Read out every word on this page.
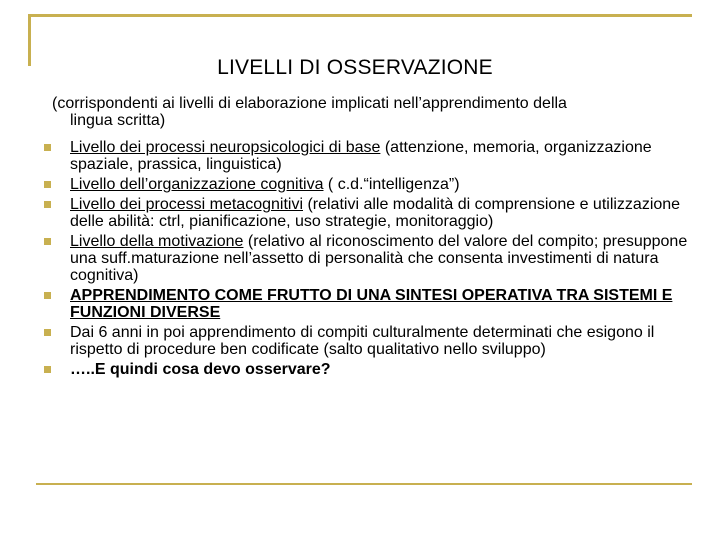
LIVELLI DI OSSERVAZIONE
(corrispondenti ai livelli di elaborazione implicati nell’apprendimento della
lingua scritta)
Livello dei processi neuropsicologici di base (attenzione, memoria, organizzazione spaziale, prassica, linguistica)
Livello dell’organizzazione cognitiva ( c.d.“intelligenza”)
Livello dei processi metacognitivi (relativi alle modalità di comprensione e utilizzazione delle abilità: ctrl, pianificazione, uso strategie, monitoraggio)
Livello della motivazione (relativo al riconoscimento del valore del compito; presuppone una suff.maturazione nell’assetto di personalità che consenta investimenti di natura cognitiva)
APPRENDIMENTO COME FRUTTO DI UNA SINTESI OPERATIVA TRA SISTEMI E FUNZIONI DIVERSE
Dai 6 anni in poi apprendimento di compiti culturalmente determinati che esigono il rispetto di procedure ben codificate (salto qualitativo nello sviluppo)
…..E quindi cosa devo osservare?
